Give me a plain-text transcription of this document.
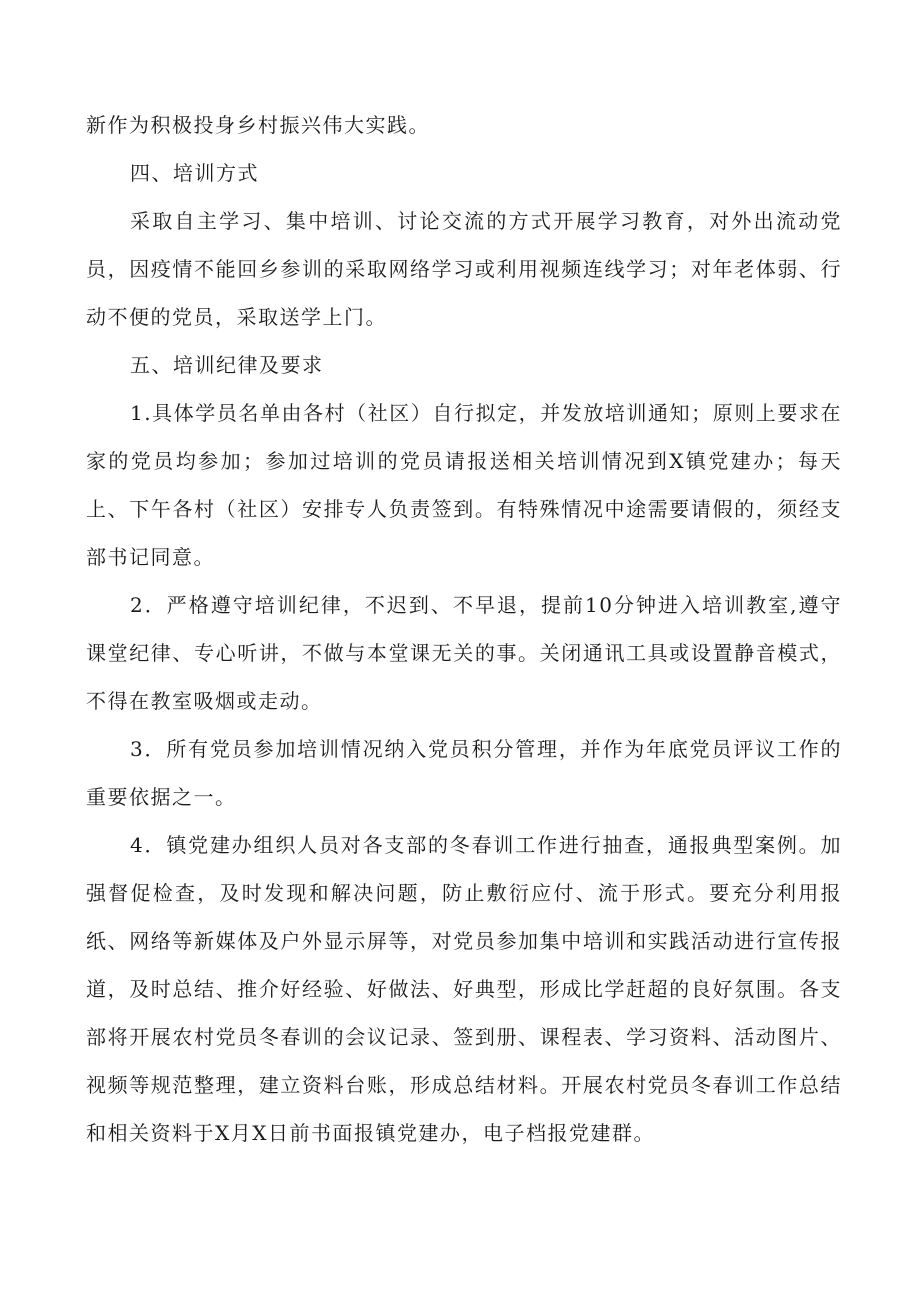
新作为积极投身乡村振兴伟大实践。

四、培训方式

采取自主学习、集中培训、讨论交流的方式开展学习教育，对外出流动党员，因疫情不能回乡参训的采取网络学习或利用视频连线学习；对年老体弱、行动不便的党员，采取送学上门。

五、培训纪律及要求

1.具体学员名单由各村（社区）自行拟定，并发放培训通知；原则上要求在家的党员均参加；参加过培训的党员请报送相关培训情况到X镇党建办；每天上、下午各村（社区）安排专人负责签到。有特殊情况中途需要请假的，须经支部书记同意。

2．严格遵守培训纪律，不迟到、不早退，提前10分钟进入培训教室,遵守课堂纪律、专心听讲，不做与本堂课无关的事。关闭通讯工具或设置静音模式，不得在教室吸烟或走动。

3．所有党员参加培训情况纳入党员积分管理，并作为年底党员评议工作的重要依据之一。

4．镇党建办组织人员对各支部的冬春训工作进行抽查，通报典型案例。加强督促检查，及时发现和解决问题，防止敷衍应付、流于形式。要充分利用报纸、网络等新媒体及户外显示屏等，对党员参加集中培训和实践活动进行宣传报道，及时总结、推介好经验、好做法、好典型，形成比学赶超的良好氛围。各支部将开展农村党员冬春训的会议记录、签到册、课程表、学习资料、活动图片、视频等规范整理，建立资料台账，形成总结材料。开展农村党员冬春训工作总结和相关资料于X月X日前书面报镇党建办，电子档报党建群。
